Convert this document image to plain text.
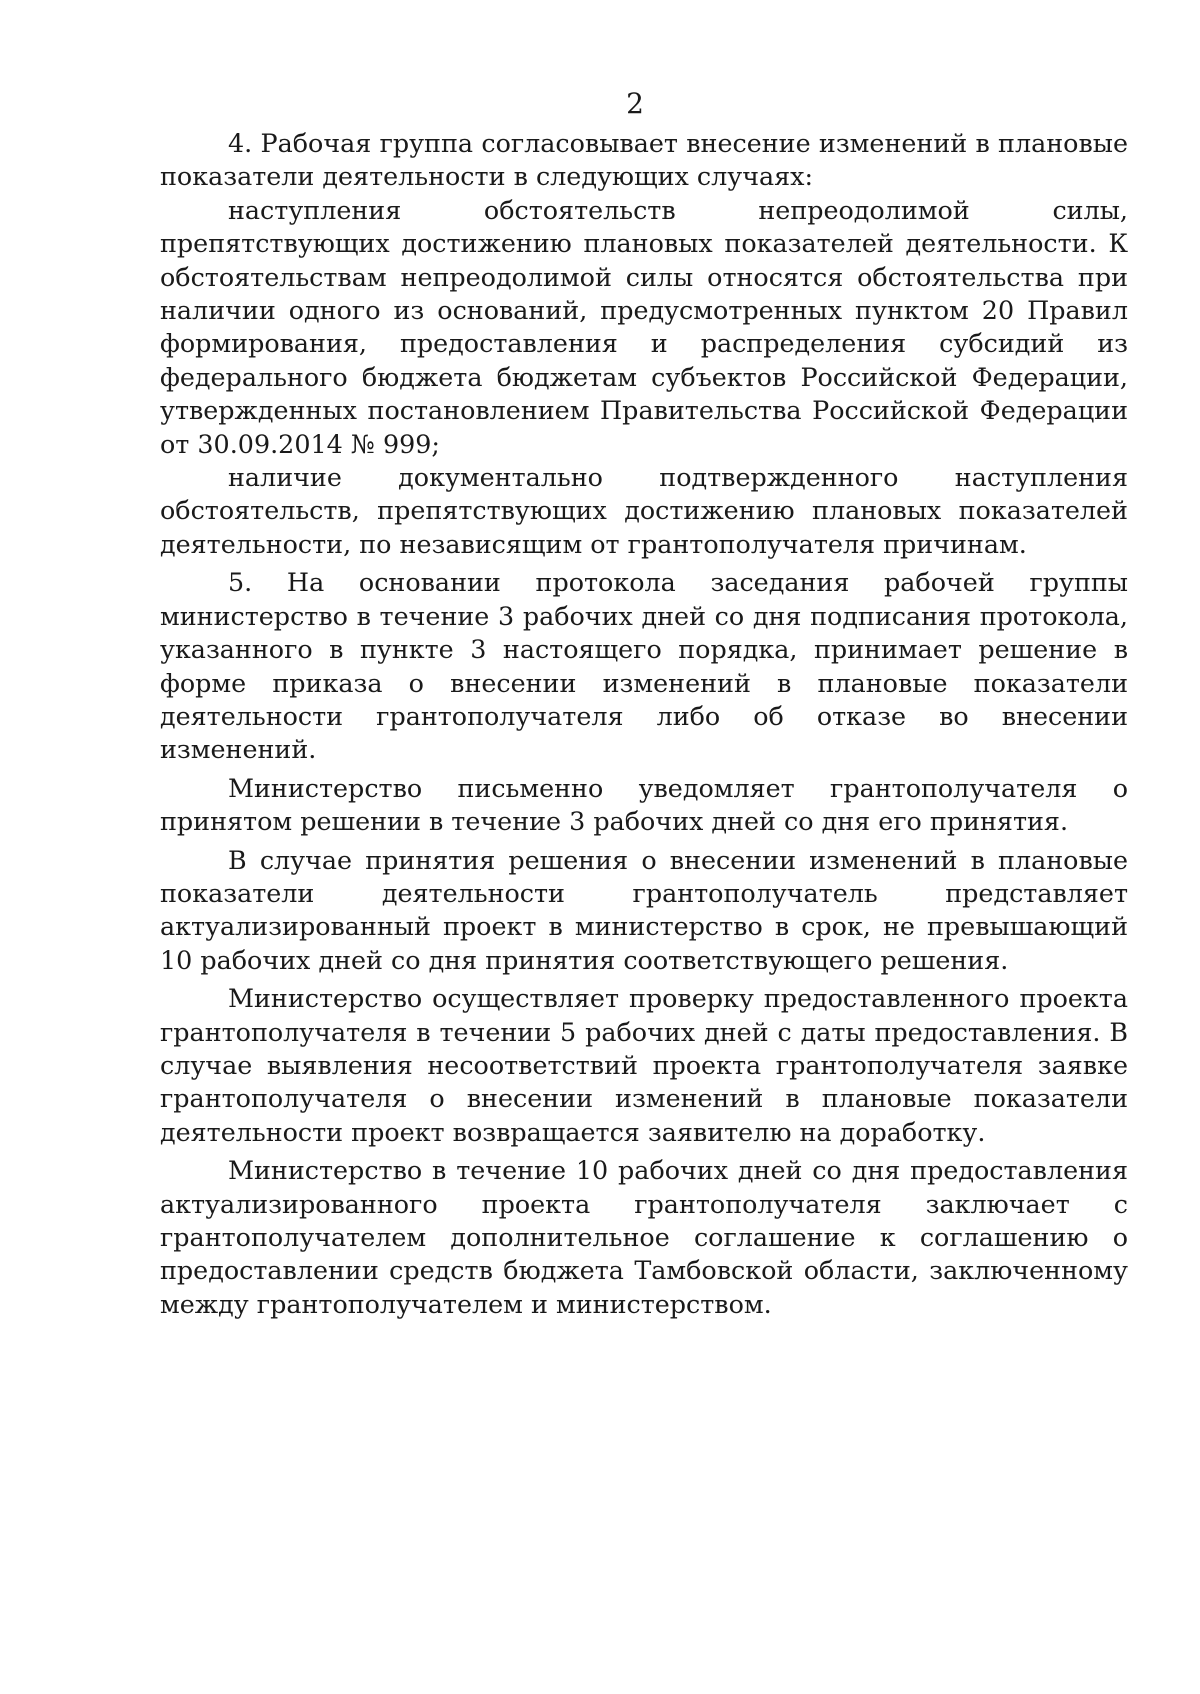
2

4. Рабочая группа согласовывает внесение изменений в плановые показатели деятельности в следующих случаях:

наступления обстоятельств непреодолимой силы, препятствующих достижению плановых показателей деятельности. К обстоятельствам непреодолимой силы относятся обстоятельства при наличии одного из оснований, предусмотренных пунктом 20 Правил формирования, предоставления и распределения субсидий из федерального бюджета бюджетам субъектов Российской Федерации, утвержденных постановлением Правительства Российской Федерации от 30.09.2014 № 999;

наличие документально подтвержденного наступления обстоятельств, препятствующих достижению плановых показателей деятельности, по независящим от грантополучателя причинам.

5. На основании протокола заседания рабочей группы министерство в течение 3 рабочих дней со дня подписания протокола, указанного в пункте 3 настоящего порядка, принимает решение в форме приказа о внесении изменений в плановые показатели деятельности грантополучателя либо об отказе во внесении изменений.

Министерство письменно уведомляет грантополучателя о принятом решении в течение 3 рабочих дней со дня его принятия.

В случае принятия решения о внесении изменений в плановые показатели деятельности грантополучатель представляет актуализированный проект в министерство в срок, не превышающий 10 рабочих дней со дня принятия соответствующего решения.

Министерство осуществляет проверку предоставленного проекта грантополучателя в течении 5 рабочих дней с даты предоставления. В случае выявления несоответствий проекта грантополучателя заявке грантополучателя о внесении изменений в плановые показатели деятельности проект возвращается заявителю на доработку.

Министерство в течение 10 рабочих дней со дня предоставления актуализированного проекта грантополучателя заключает с грантополучателем дополнительное соглашение к соглашению о предоставлении средств бюджета Тамбовской области, заключенному между грантополучателем и министерством.
